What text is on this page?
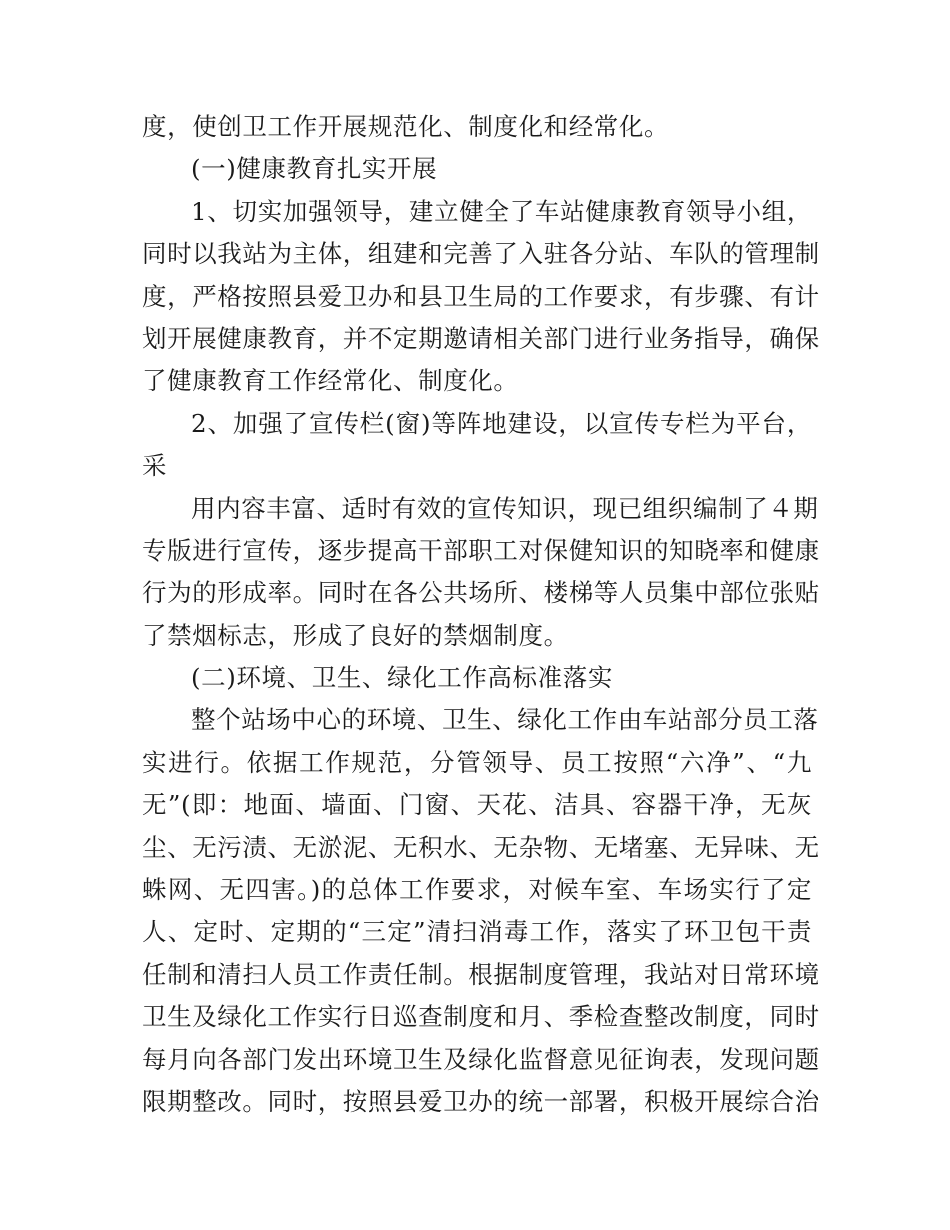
度，使创卫工作开展规范化、制度化和经常化。
(一)健康教育扎实开展
1、切实加强领导，建立健全了车站健康教育领导小组，
同时以我站为主体，组建和完善了入驻各分站、车队的管理制
度，严格按照县爱卫办和县卫生局的工作要求，有步骤、有计
划开展健康教育，并不定期邀请相关部门进行业务指导，确保
了健康教育工作经常化、制度化。
2、加强了宣传栏(窗)等阵地建设，以宣传专栏为平台，
采
用内容丰富、适时有效的宣传知识，现已组织编制了４期
专版进行宣传，逐步提高干部职工对保健知识的知晓率和健康
行为的形成率。同时在各公共场所、楼梯等人员集中部位张贴
了禁烟标志，形成了良好的禁烟制度。
(二)环境、卫生、绿化工作高标准落实
整个站场中心的环境、卫生、绿化工作由车站部分员工落
实进行。依据工作规范，分管领导、员工按照“六净”、“九
无”(即：地面、墙面、门窗、天花、洁具、容器干净，无灰
尘、无污渍、无淤泥、无积水、无杂物、无堵塞、无异味、无
蛛网、无四害。)的总体工作要求，对候车室、车场实行了定
人、定时、定期的“三定”清扫消毒工作，落实了环卫包干责
任制和清扫人员工作责任制。根据制度管理，我站对日常环境
卫生及绿化工作实行日巡查制度和月、季检查整改制度，同时
每月向各部门发出环境卫生及绿化监督意见征询表，发现问题
限期整改。同时，按照县爱卫办的统一部署，积极开展综合治
